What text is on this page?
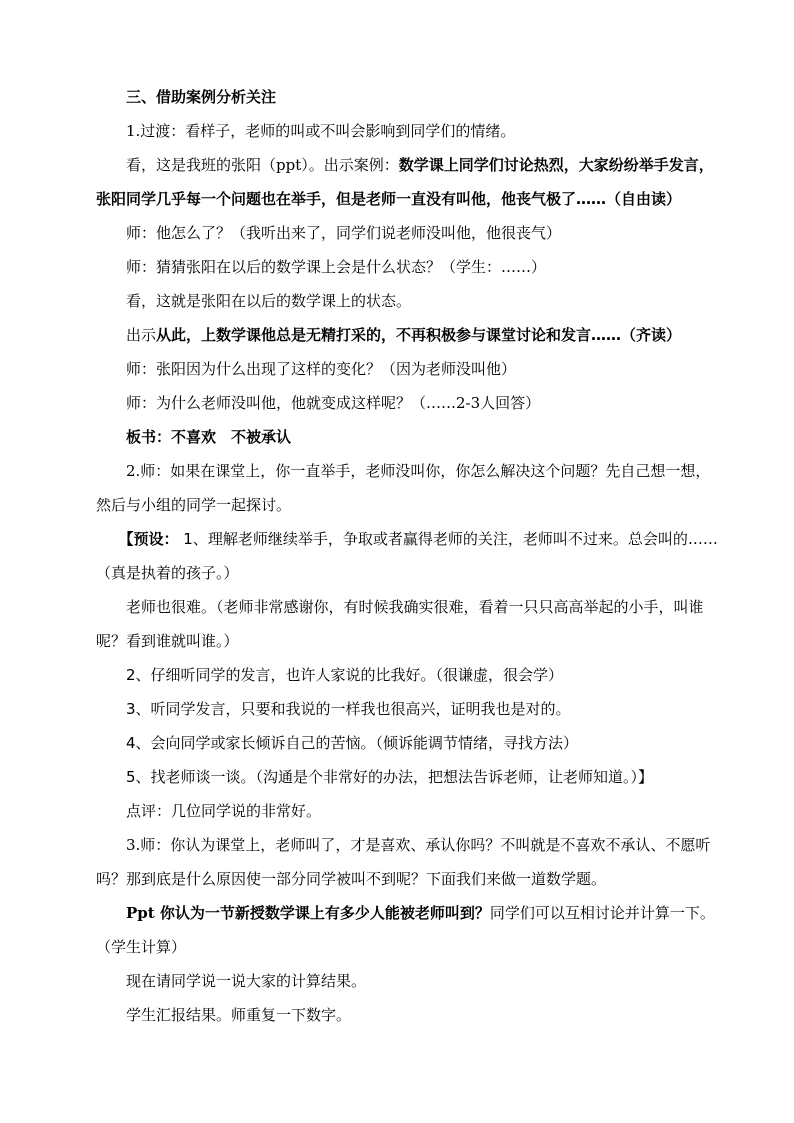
三、借助案例分析关注

1.过渡：看样子，老师的叫或不叫会影响到同学们的情绪。

看，这是我班的张阳（ppt）。出示案例：数学课上同学们讨论热烈，大家纷纷举手发言，张阳同学几乎每一个问题也在举手，但是老师一直没有叫他，他丧气极了……（自由读）

师：他怎么了？（我听出来了，同学们说老师没叫他，他很丧气）

师：猜猜张阳在以后的数学课上会是什么状态？（学生：……）

看，这就是张阳在以后的数学课上的状态。

出示从此，上数学课他总是无精打采的，不再积极参与课堂讨论和发言……（齐读）

师：张阳因为什么出现了这样的变化？（因为老师没叫他）

师：为什么老师没叫他，他就变成这样呢？（……2-3人回答）

板书：不喜欢　不被承认

2.师：如果在课堂上，你一直举手，老师没叫你，你怎么解决这个问题？先自己想一想，然后与小组的同学一起探讨。

【预设： 1、理解老师继续举手，争取或者赢得老师的关注，老师叫不过来。总会叫的……（真是执着的孩子。）

老师也很难。（老师非常感谢你，有时候我确实很难，看着一只只高高举起的小手，叫谁呢？看到谁就叫谁。）

2、仔细听同学的发言，也许人家说的比我好。（很谦虚，很会学）

3、听同学发言，只要和我说的一样我也很高兴，证明我也是对的。

4、会向同学或家长倾诉自己的苦恼。（倾诉能调节情绪，寻找方法）

5、找老师谈一谈。（沟通是个非常好的办法，把想法告诉老师，让老师知道。）】

点评：几位同学说的非常好。

3.师：你认为课堂上，老师叫了，才是喜欢、承认你吗？不叫就是不喜欢不承认、不愿听吗？那到底是什么原因使一部分同学被叫不到呢？下面我们来做一道数学题。

Ppt 你认为一节新授数学课上有多少人能被老师叫到？同学们可以互相讨论并计算一下。（学生计算）

现在请同学说一说大家的计算结果。

学生汇报结果。师重复一下数字。
